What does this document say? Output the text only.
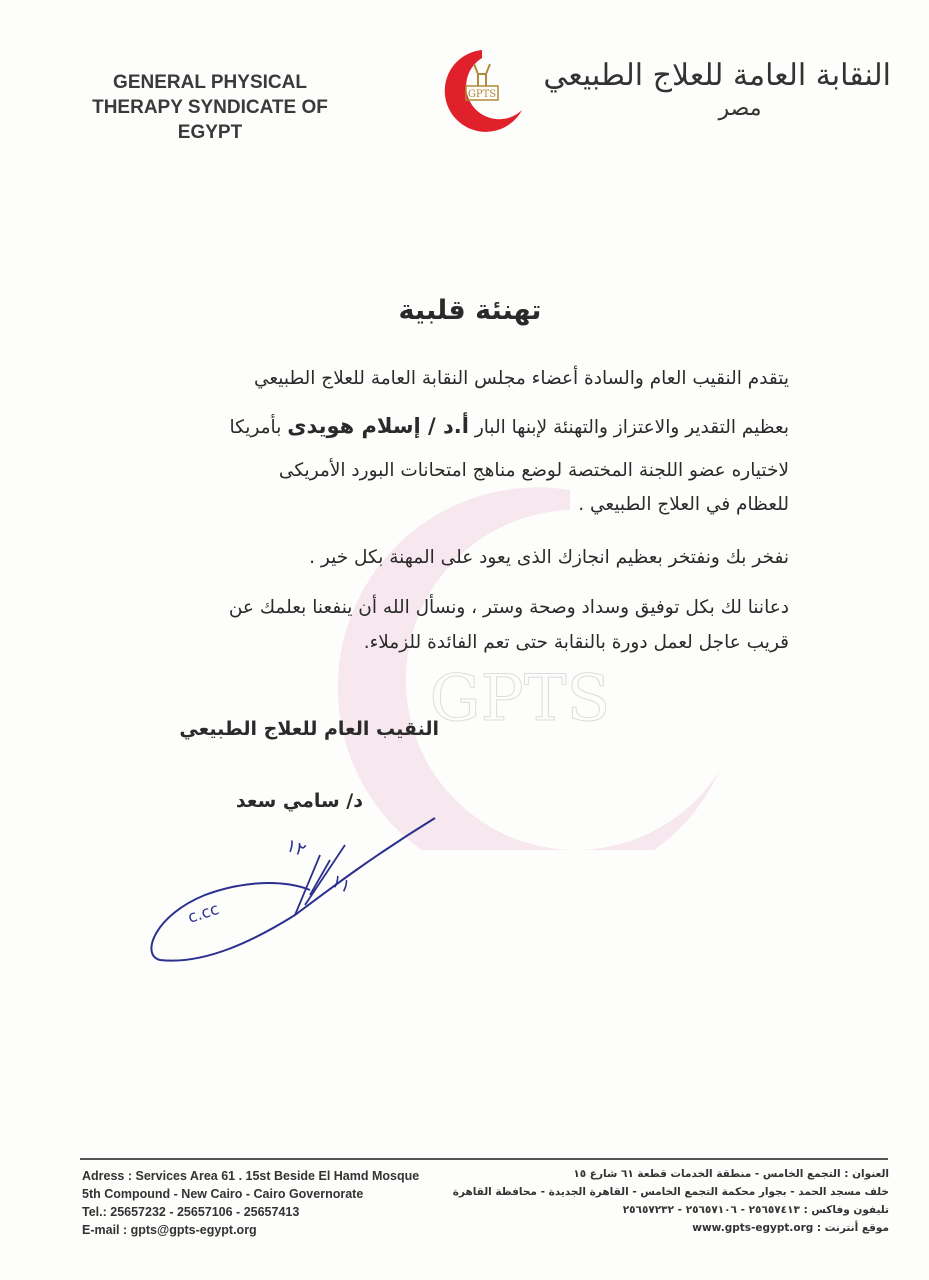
GENERAL PHYSICAL
THERAPY SYNDICATE OF
EGYPT
GPTS
النقابة العامة للعلاج الطبيعي
مصر
GPTS
تهنئة قلبية
يتقدم النقيب العام والسادة أعضاء مجلس النقابة العامة للعلاج الطبيعي
بعظيم التقدير والاعتزاز والتهنئة لإبنها البار أ.د / إسلام هويدى بأمريكا
لاختياره عضو اللجنة المختصة لوضع مناهج امتحانات البورد الأمريكى
للعظام في العلاج الطبيعي .
نفخر بك ونفتخر بعظيم انجازك الذى يعود على المهنة بكل خير .
دعاننا لك بكل توفيق وسداد وصحة وستر ، ونسأل الله أن ينفعنا بعلمك عن
قريب عاجل لعمل دورة بالنقابة حتى تعم الفائدة للزملاء.
النقيب العام للعلاج الطبيعي
د/ سامي سعد
١٢
١١
c.cc
Adress : Services Area 61 . 15st Beside El Hamd Mosque
5th Compound - New Cairo - Cairo Governorate
Tel.: 25657232 - 25657106 - 25657413
E-mail : gpts@gpts-egypt.org
العنوان : التجمع الخامس - منطقة الخدمات قطعة ٦١ شارع ١٥
خلف مسجد الحمد - بجوار محكمة التجمع الخامس - القاهرة الجديدة - محافظة القاهرة
تليفون وفاكس : ٢٥٦٥٧٤١٣ - ٢٥٦٥٧١٠٦ - ٢٥٦٥٧٢٣٢
موقع أنترنت : www.gpts-egypt.org
